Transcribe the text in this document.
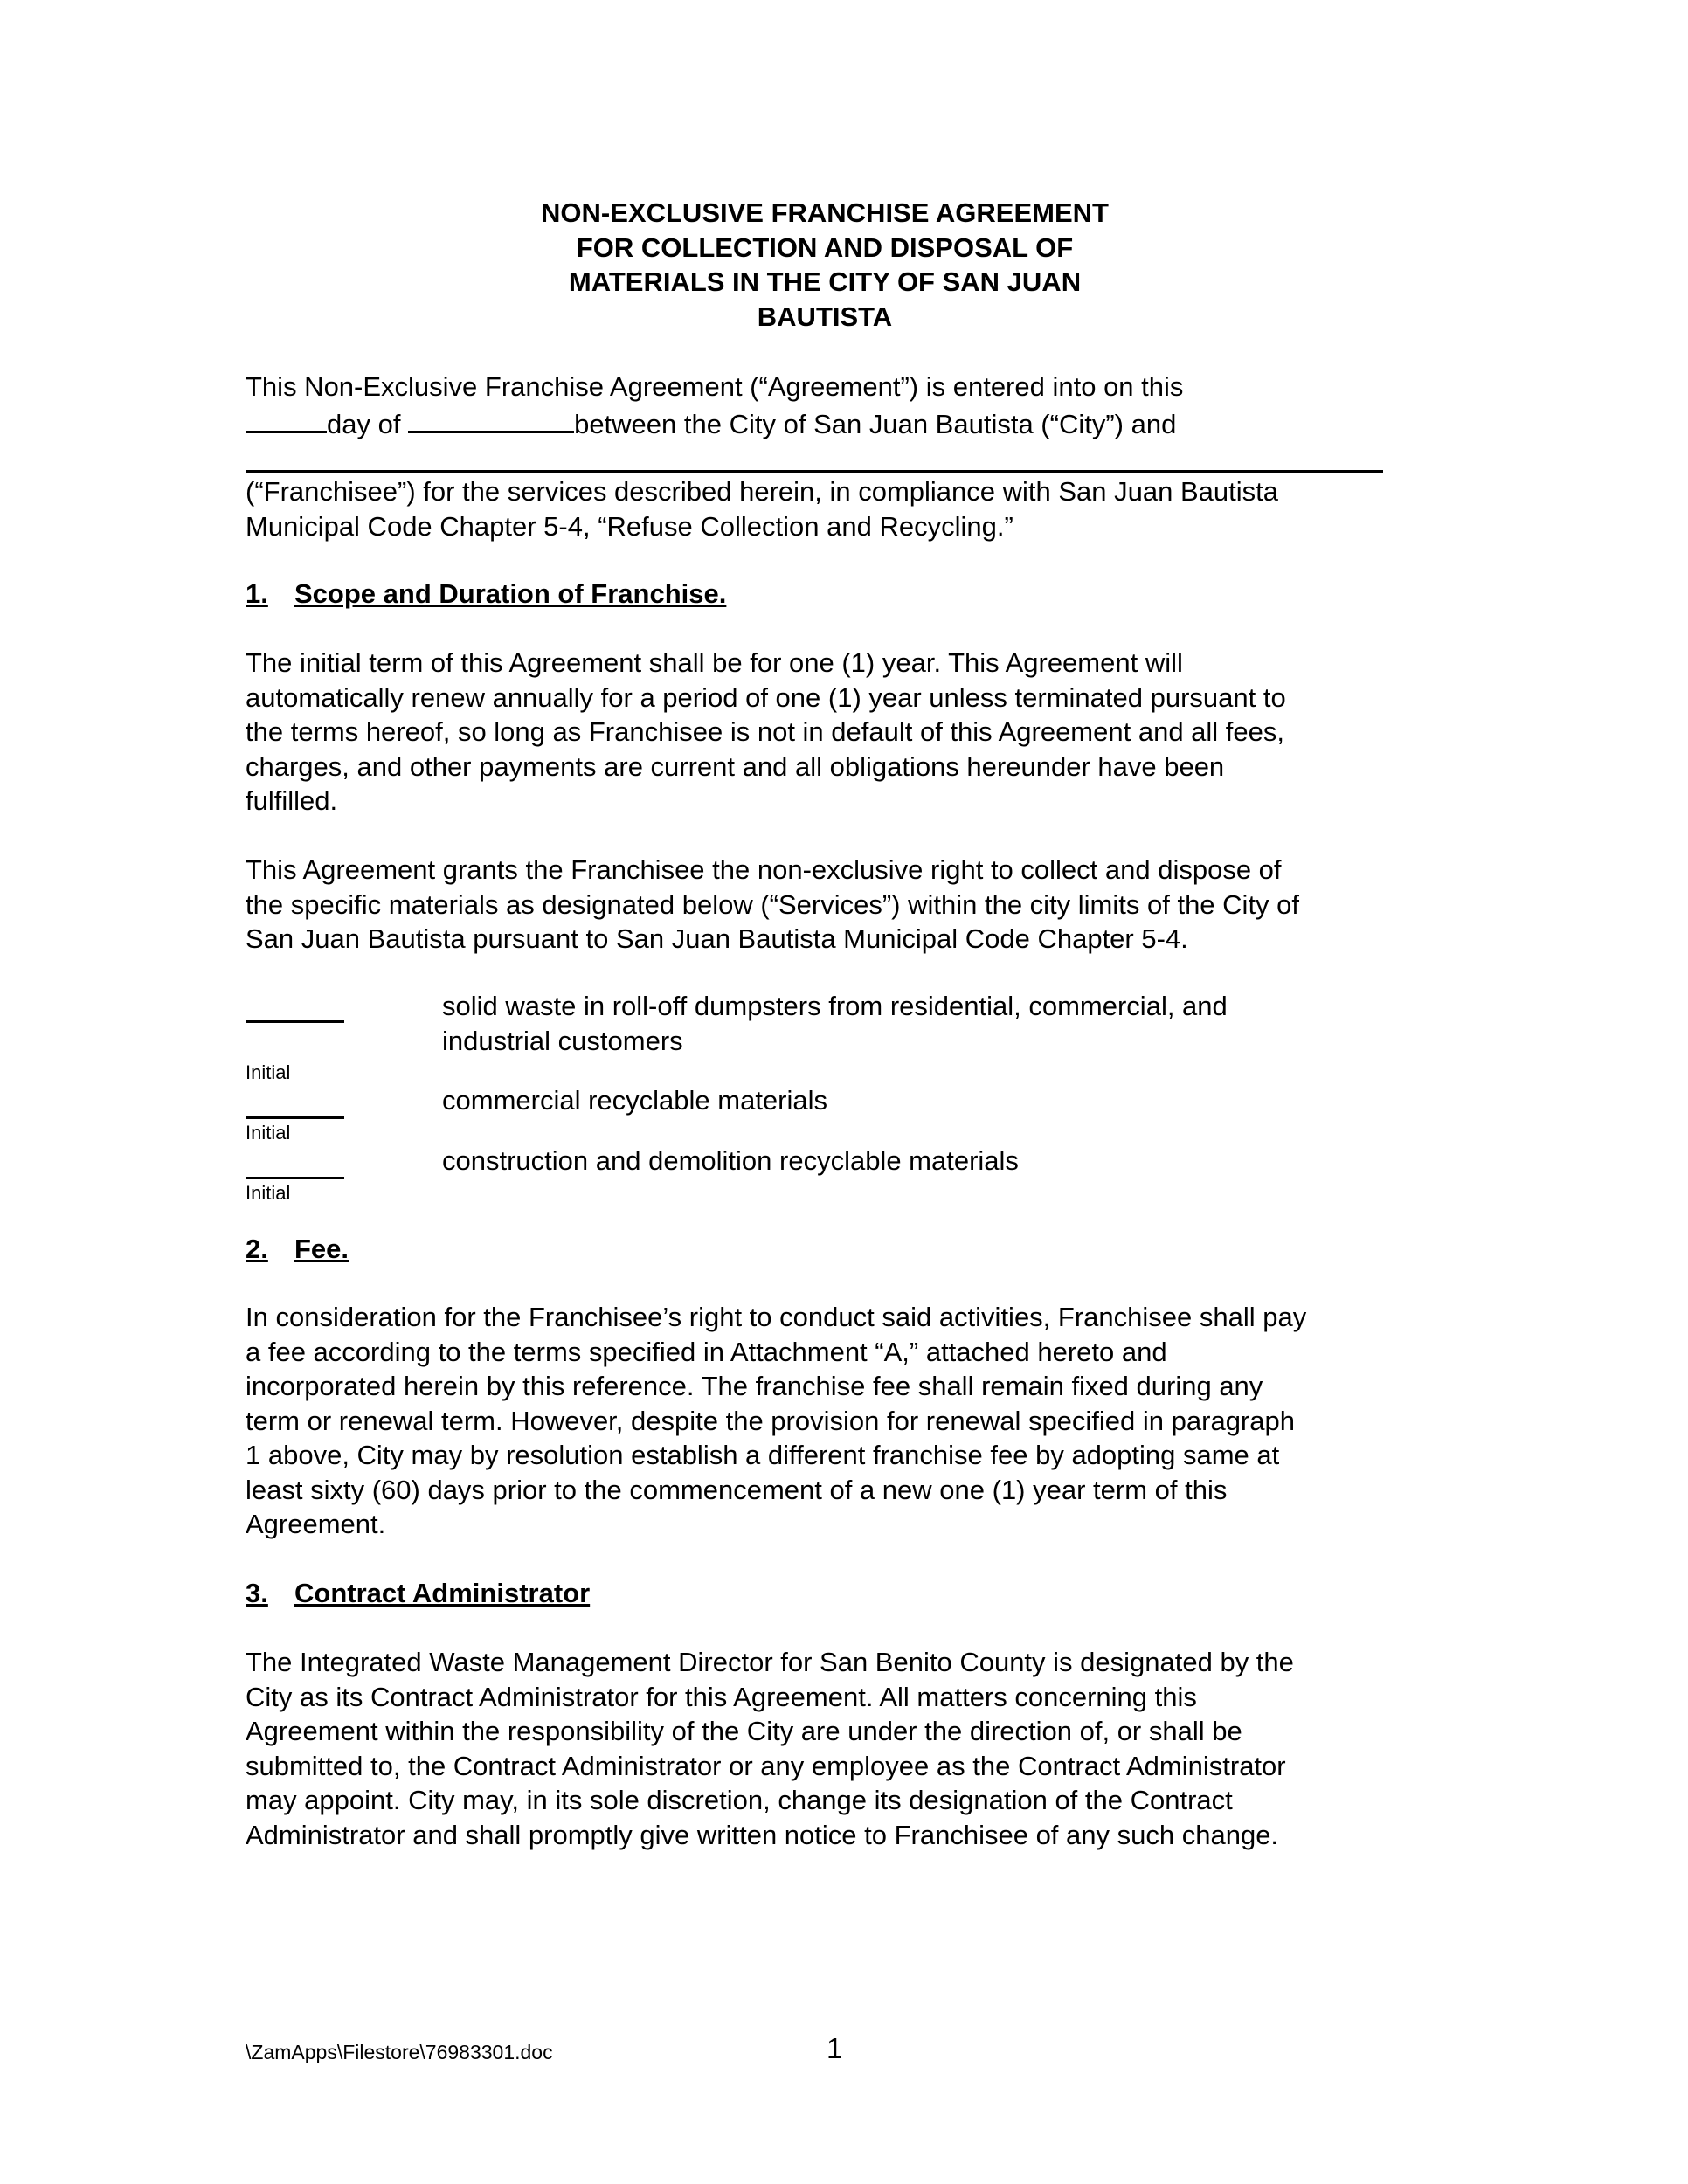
NON-EXCLUSIVE FRANCHISE AGREEMENT
FOR COLLECTION AND DISPOSAL OF
MATERIALS IN THE CITY OF SAN JUAN
BAUTISTA
This Non-Exclusive Franchise Agreement (“Agreement”) is entered into on this
day of	between the City of San Juan Bautista (“City”) and
(“Franchisee”) for the services described herein, in compliance with San Juan Bautista
Municipal Code Chapter 5-4, “Refuse Collection and Recycling.”
1. Scope and Duration of Franchise.
The initial term of this Agreement shall be for one (1) year. This Agreement will
automatically renew annually for a period of one (1) year unless terminated pursuant to
the terms hereof, so long as Franchisee is not in default of this Agreement and all fees,
charges, and other payments are current and all obligations hereunder have been
fulfilled.
This Agreement grants the Franchisee the non-exclusive right to collect and dispose of
the specific materials as designated below (“Services”) within the city limits of the City of
San Juan Bautista pursuant to San Juan Bautista Municipal Code Chapter 5-4.
Initial
solid waste in roll-off dumpsters from residential, commercial, and
industrial customers
Initial
commercial recyclable materials
Initial
construction and demolition recyclable materials
2. Fee.
In consideration for the Franchisee’s right to conduct said activities, Franchisee shall pay
a fee according to the terms specified in Attachment “A,” attached hereto and
incorporated herein by this reference. The franchise fee shall remain fixed during any
term or renewal term. However, despite the provision for renewal specified in paragraph
1 above, City may by resolution establish a different franchise fee by adopting same at
least sixty (60) days prior to the commencement of a new one (1) year term of this
Agreement.
3. Contract Administrator
The Integrated Waste Management Director for San Benito County is designated by the
City as its Contract Administrator for this Agreement. All matters concerning this
Agreement within the responsibility of the City are under the direction of, or shall be
submitted to, the Contract Administrator or any employee as the Contract Administrator
may appoint. City may, in its sole discretion, change its designation of the Contract
Administrator and shall promptly give written notice to Franchisee of any such change.
\ZamApps\Filestore\76983301.doc	1
